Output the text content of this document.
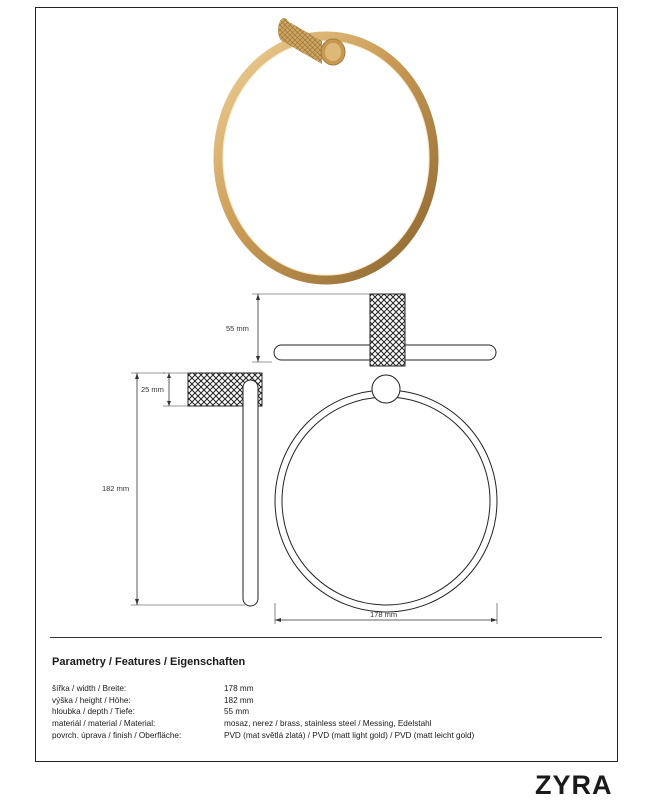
55 mm
25 mm
182 mm
178 mm
Parametry / Features / Eigenschaften
šířka / width / Breite:	178 mm
výška / height / Höhe:	182 mm
hloubka / depth / Tiefe:	55 mm
materiál / material / Material:	mosaz, nerez / brass, stainless steel / Messing, Edelstahl
povrch. úprava / finish / Oberfläche:	PVD (mat světlá zlatá) / PVD (matt light gold) / PVD (matt leicht gold)
ZYRA
